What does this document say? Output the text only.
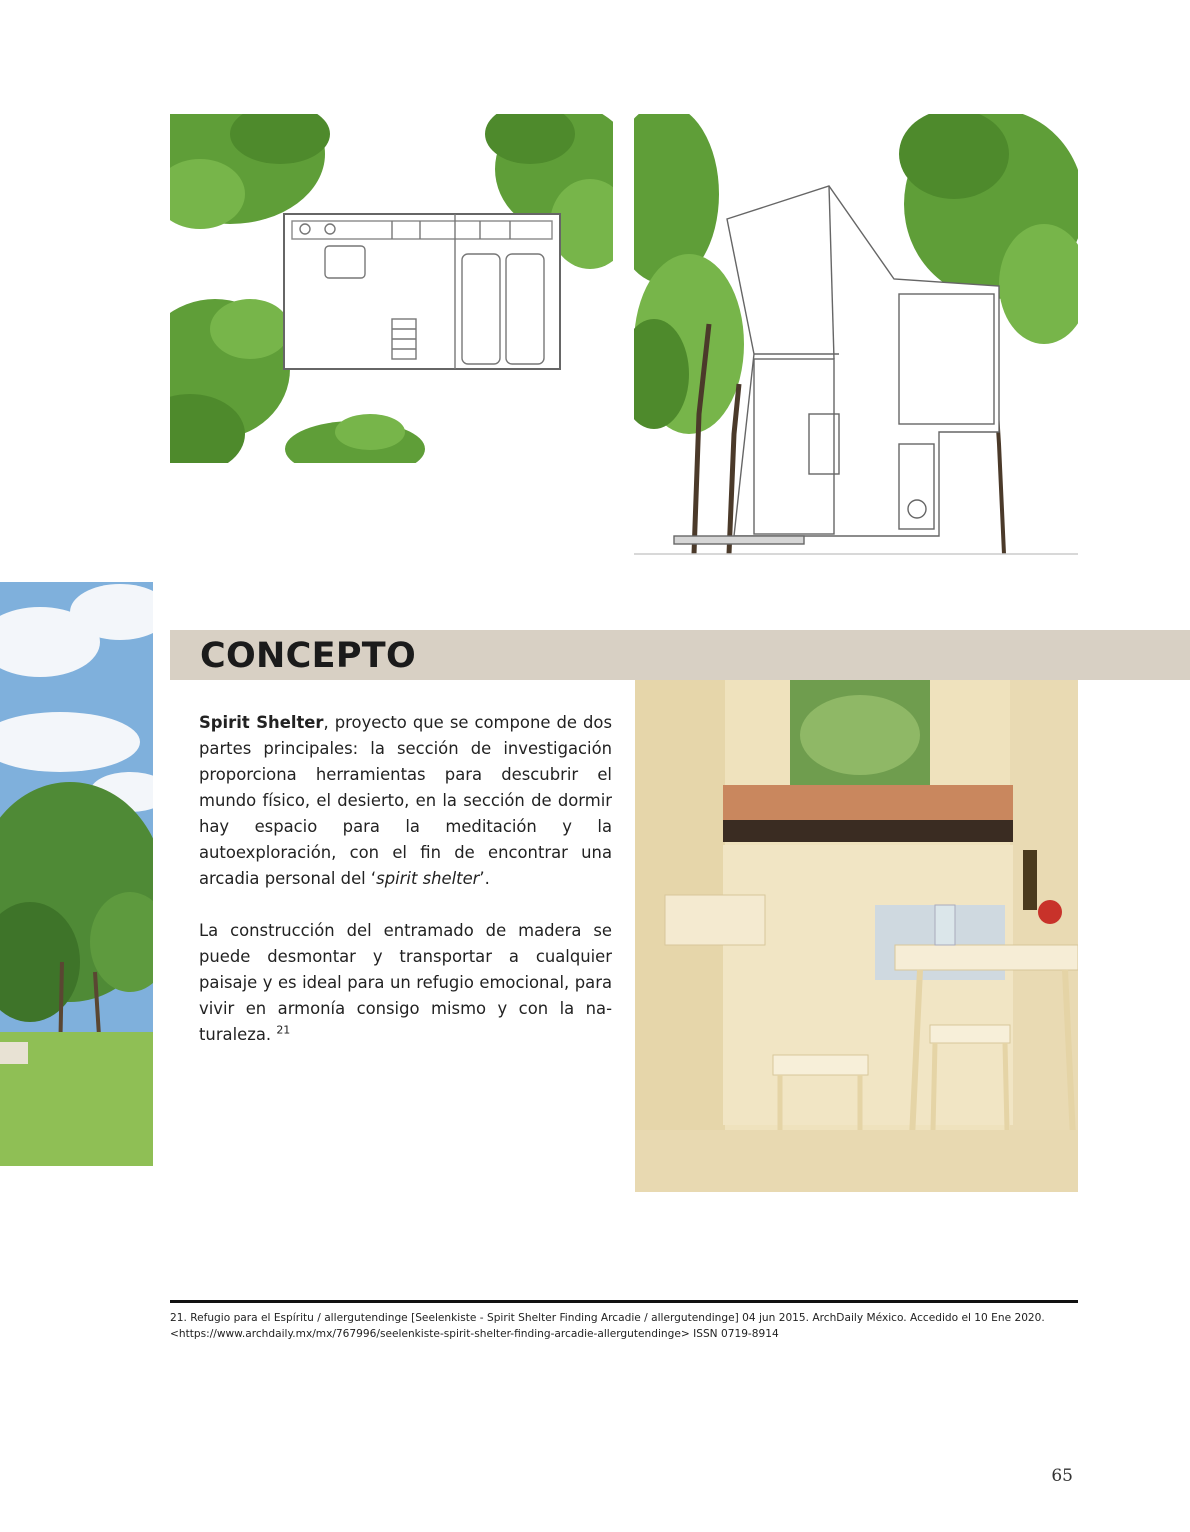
CONCEPTO

Spirit Shelter, proyecto que se compone de dos partes principales: la sección de investigación proporciona herramientas para descubrir el mundo físico, el desierto, en la sección de dormir hay espacio para la meditación y la autoexploración, con el fin de encontrar una arcadia personal del ‘spirit shelter’.

La construcción del entramado de madera se puede desmontar y transportar a cualquier paisaje y es ideal para un refugio emocional, para vivir en armonía consigo mismo y con la naturaleza. $^{21}$

21. Refugio para el Espíritu / allergutendinge [Seelenkiste - Spirit Shelter Finding Arcadie / allergutendinge] 04 jun 2015. ArchDaily México. Accedido el 10 Ene 2020. <https://www.archdaily.mx/mx/767996/seelenkiste-spirit-shelter-finding-arcadie-allergutendinge> ISSN 0719-8914
65
